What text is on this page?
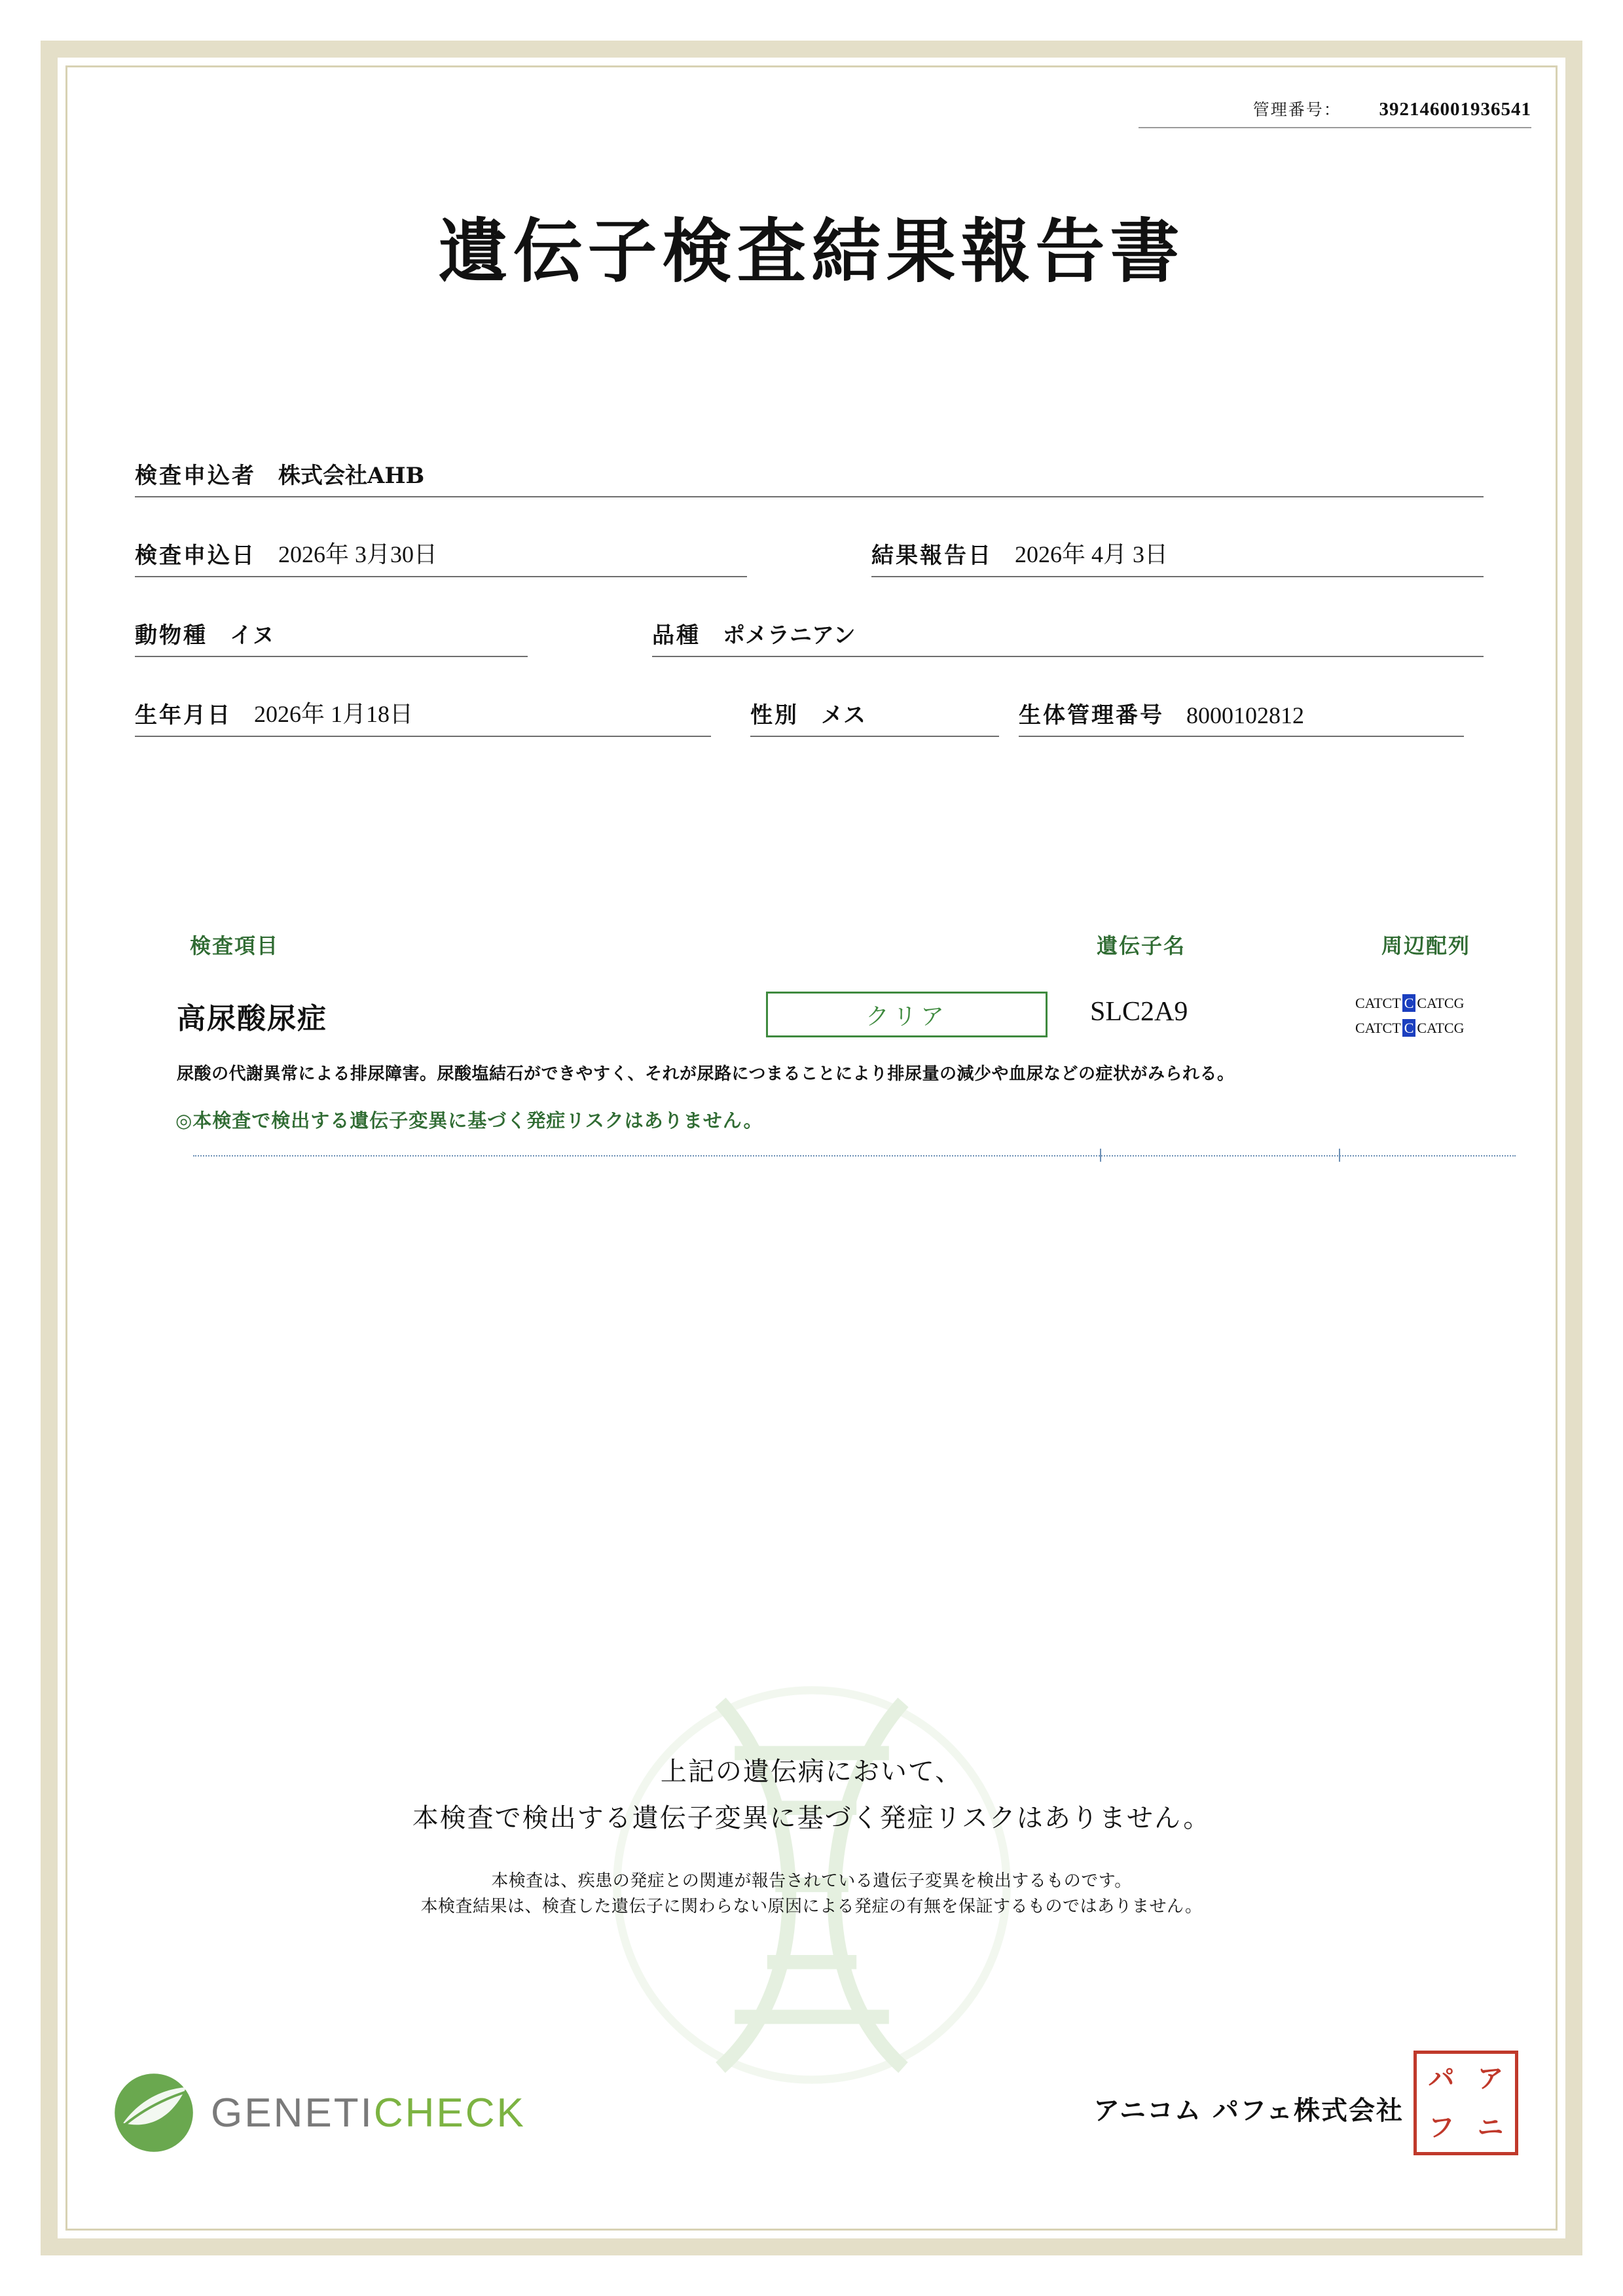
管理番号： 392146001936541
遺伝子検査結果報告書
検査申込者	株式会社AHB
検査申込日 2026年 3月30日	結果報告日 2026年 4月 3日
動物種	イヌ	品種	ポメラニアン
生年月日 2026年 1月18日	性別	メス	生体管理番号 8000102812
検査項目	遺伝子名	周辺配列
高尿酸尿症	クリア	SLC2A9	CATCT C CATCG
CATCT C CATCG
尿酸の代謝異常による排尿障害。尿酸塩結石ができやすく、それが尿路につまることにより排尿量の減少や血尿などの症状がみられる。
◎本検査で検出する遺伝子変異に基づく発症リスクはありません。
上記の遺伝病において、
本検査で検出する遺伝子変異に基づく発症リスクはありません。
本検査は、疾患の発症との関連が報告されている遺伝子変異を検出するものです。
本検査結果は、検査した遺伝子に関わらない原因による発症の有無を保証するものではありません。
GENETICHECK	アニコム パフェ株式会社
パ ア
フ ニ
